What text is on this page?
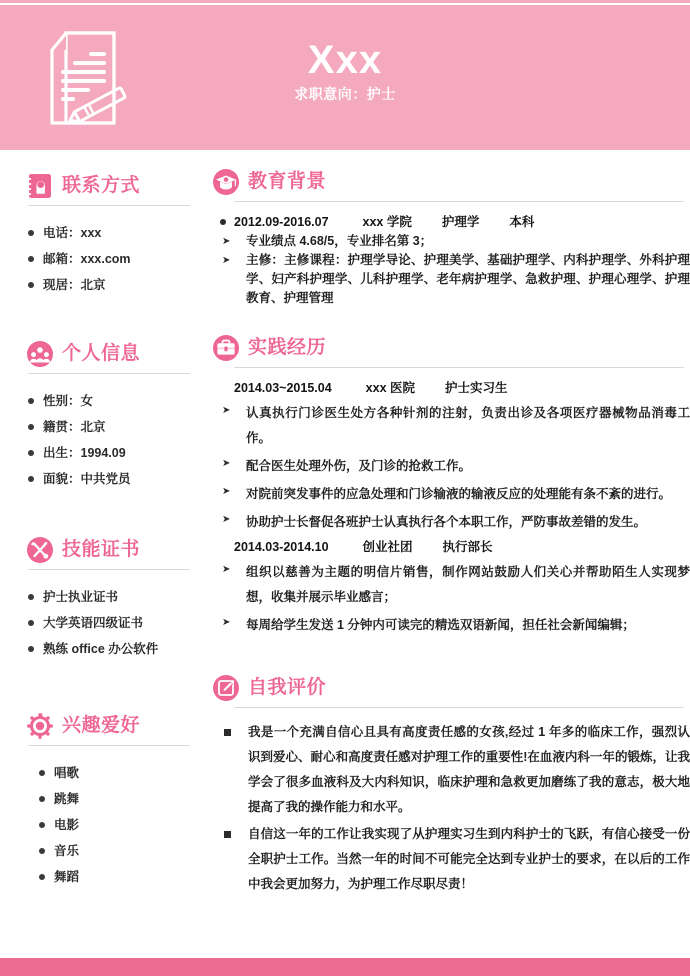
Xxx
求职意向：护士
联系方式
电话：xxx
邮箱：xxx.com
现居：北京
个人信息
性别：女
籍贯：北京
出生：1994.09
面貌：中共党员
技能证书
护士执业证书
大学英语四级证书
熟练 office 办公软件
兴趣爱好
唱歌
跳舞
电影
音乐
舞蹈
教育背景
2012.09-2016.07	xxx 学院 护理学 本科
➤ 专业绩点 4.68/5，专业排名第 3；
➤ 主修：主修课程：护理学导论、护理美学、基础护理学、内科护理学、外科护理学、妇产科护理学、儿科护理学、老年病护理学、急救护理、护理心理学、护理教育、护理管理
实践经历
2014.03~2015.04	xxx 医院 护士实习生
➤ 认真执行门诊医生处方各种针剂的注射，负责出诊及各项医疗器械物品消毒工作。
➤ 配合医生处理外伤，及门诊的抢救工作。
➤ 对院前突发事件的应急处理和门诊输液的输液反应的处理能有条不紊的进行。
➤ 协助护士长督促各班护士认真执行各个本职工作，严防事故差错的发生。
2014.03-2014.10	创业社团 执行部长
➤ 组织以慈善为主题的明信片销售，制作网站鼓励人们关心并帮助陌生人实现梦想，收集并展示毕业感言；
➤ 每周给学生发送 1 分钟内可读完的精选双语新闻，担任社会新闻编辑；
自我评价
我是一个充满自信心且具有高度责任感的女孩,经过 1 年多的临床工作，强烈认识到爱心、耐心和高度责任感对护理工作的重要性!在血液内科一年的锻炼，让我学会了很多血液科及大内科知识，临床护理和急救更加磨练了我的意志，极大地提高了我的操作能力和水平。
自信这一年的工作让我实现了从护理实习生到内科护士的飞跃，有信心接受一份全职护士工作。当然一年的时间不可能完全达到专业护士的要求，在以后的工作中我会更加努力，为护理工作尽职尽责！
